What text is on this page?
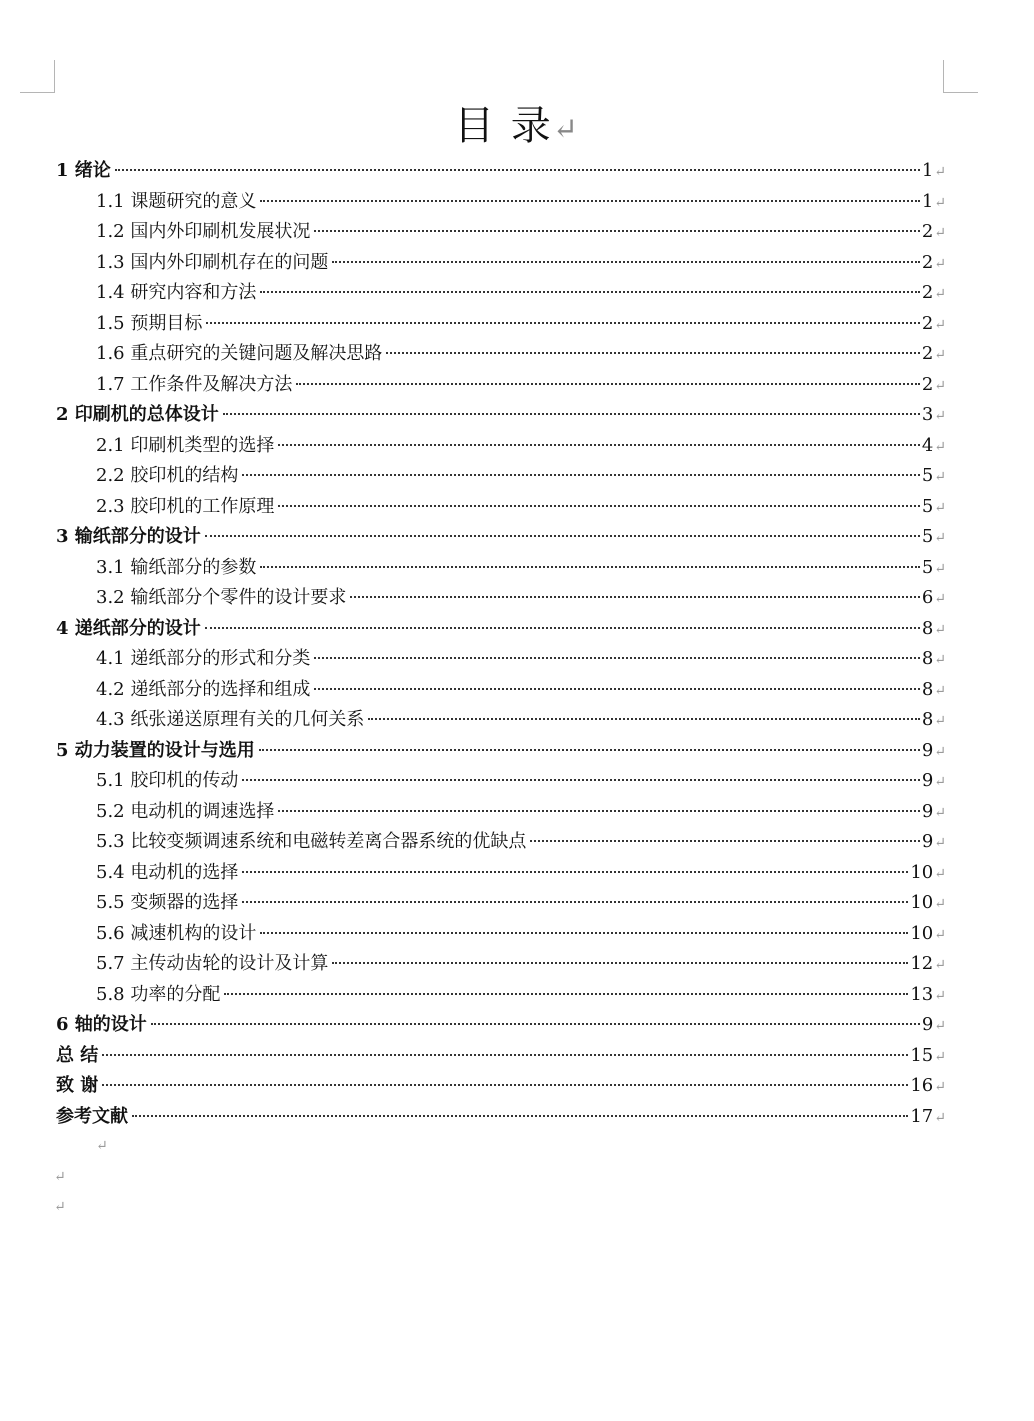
目 录↵
1 绪论	1 ↵
1.1 课题研究的意义	1 ↵
1.2 国内外印刷机发展状况	2 ↵
1.3 国内外印刷机存在的问题	2 ↵
1.4 研究内容和方法	2 ↵
1.5 预期目标	2 ↵
1.6 重点研究的关键问题及解决思路	2 ↵
1.7 工作条件及解决方法	2 ↵
2 印刷机的总体设计	3 ↵
2.1 印刷机类型的选择	4 ↵
2.2 胶印机的结构	5 ↵
2.3 胶印机的工作原理	5 ↵
3 输纸部分的设计	5 ↵
3.1 输纸部分的参数	5 ↵
3.2 输纸部分个零件的设计要求	6 ↵
4 递纸部分的设计	8 ↵
4.1 递纸部分的形式和分类	8 ↵
4.2 递纸部分的选择和组成	8 ↵
4.3 纸张递送原理有关的几何关系	8 ↵
5 动力装置的设计与选用	9 ↵
5.1 胶印机的传动	9 ↵
5.2 电动机的调速选择	9 ↵
5.3 比较变频调速系统和电磁转差离合器系统的优缺点	9 ↵
5.4 电动机的选择	10 ↵
5.5 变频器的选择	10 ↵
5.6 减速机构的设计	10 ↵
5.7 主传动齿轮的设计及计算	12 ↵
5.8 功率的分配	13 ↵
6 轴的设计	9 ↵
总 结	15 ↵
致 谢	16 ↵
参考文献	17 ↵
↵
↵
↵
